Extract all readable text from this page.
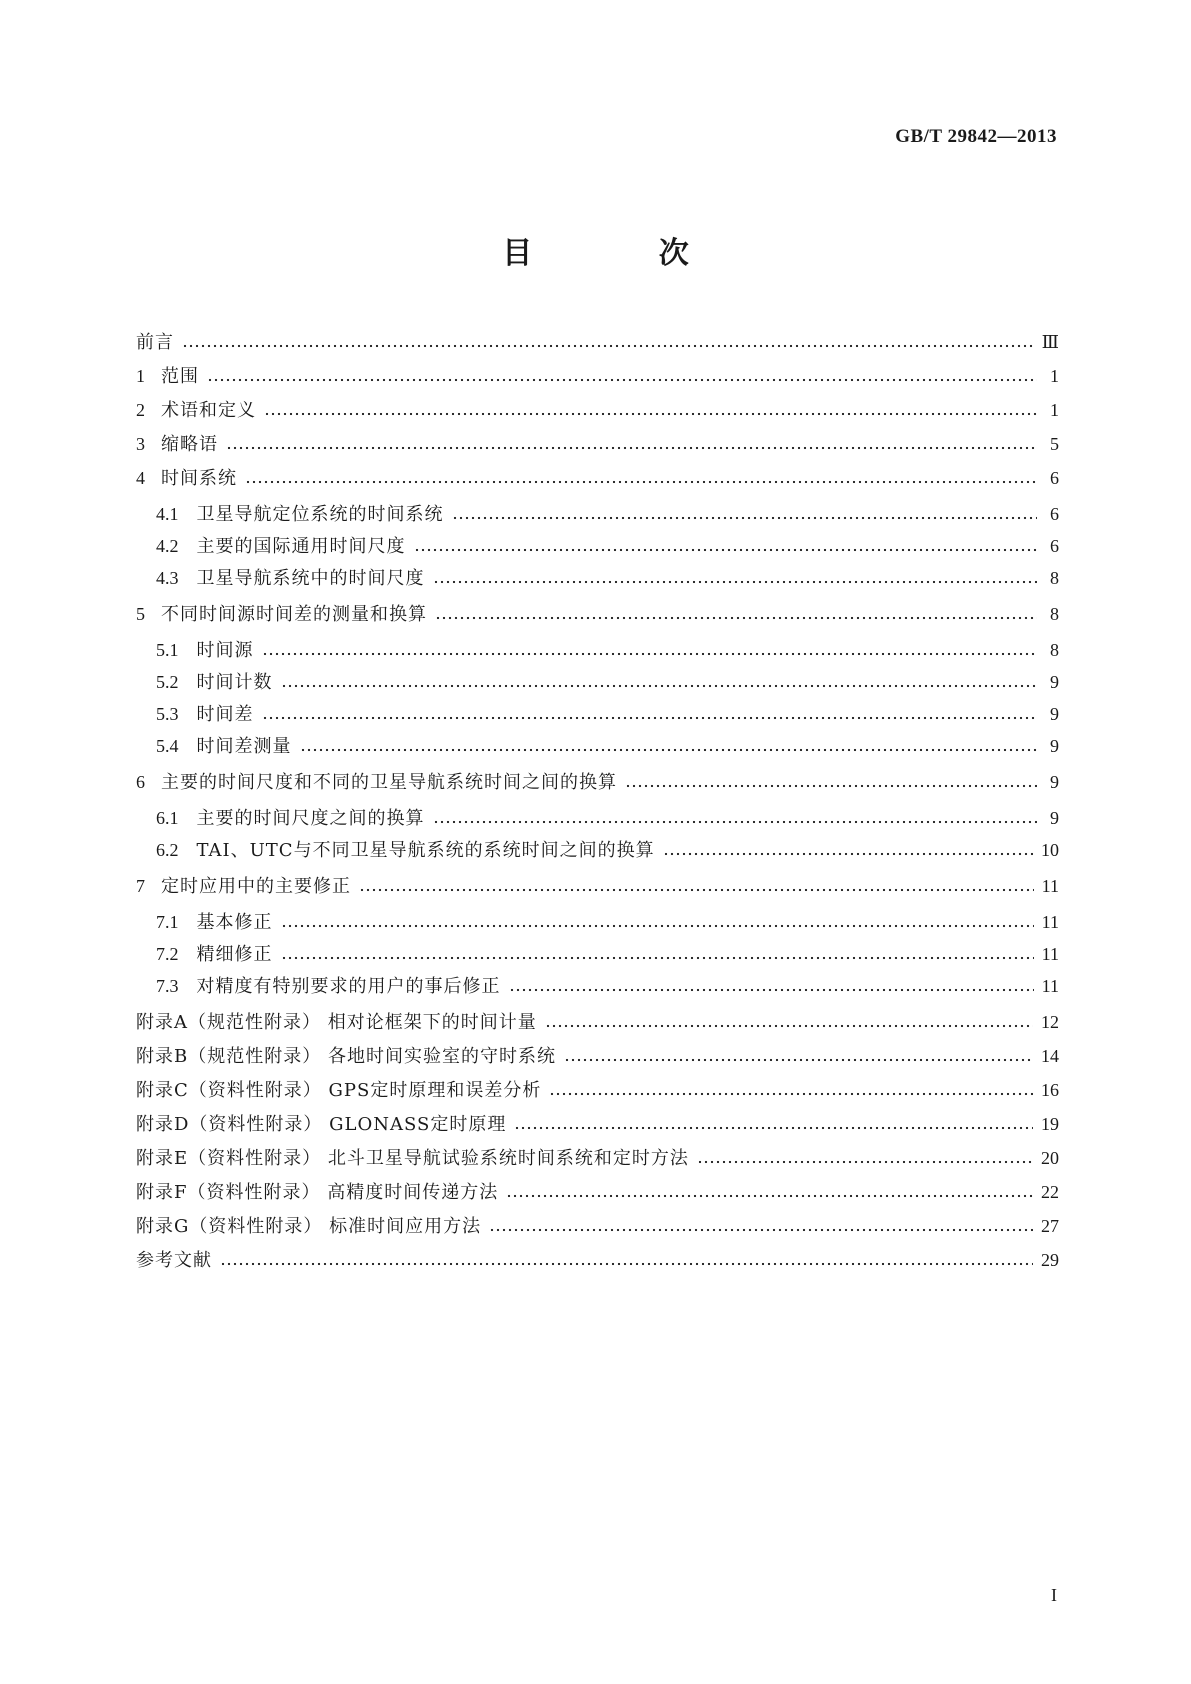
GB/T 29842—2013
目 次
前言	Ⅲ
1 范围	1
2 术语和定义	1
3 缩略语	5
4 时间系统	6
4.1 卫星导航定位系统的时间系统	6
4.2 主要的国际通用时间尺度	6
4.3 卫星导航系统中的时间尺度	8
5 不同时间源时间差的测量和换算	8
5.1 时间源	8
5.2 时间计数	9
5.3 时间差	9
5.4 时间差测量	9
6 主要的时间尺度和不同的卫星导航系统时间之间的换算	9
6.1 主要的时间尺度之间的换算	9
6.2 TAI、UTC与不同卫星导航系统的系统时间之间的换算	10
7 定时应用中的主要修正	11
7.1 基本修正	11
7.2 精细修正	11
7.3 对精度有特别要求的用户的事后修正	11
附录A（规范性附录） 相对论框架下的时间计量	12
附录B（规范性附录） 各地时间实验室的守时系统	14
附录C（资料性附录） GPS定时原理和误差分析	16
附录D（资料性附录） GLONASS定时原理	19
附录E（资料性附录） 北斗卫星导航试验系统时间系统和定时方法	20
附录F（资料性附录） 高精度时间传递方法	22
附录G（资料性附录） 标准时间应用方法	27
参考文献	29
I
